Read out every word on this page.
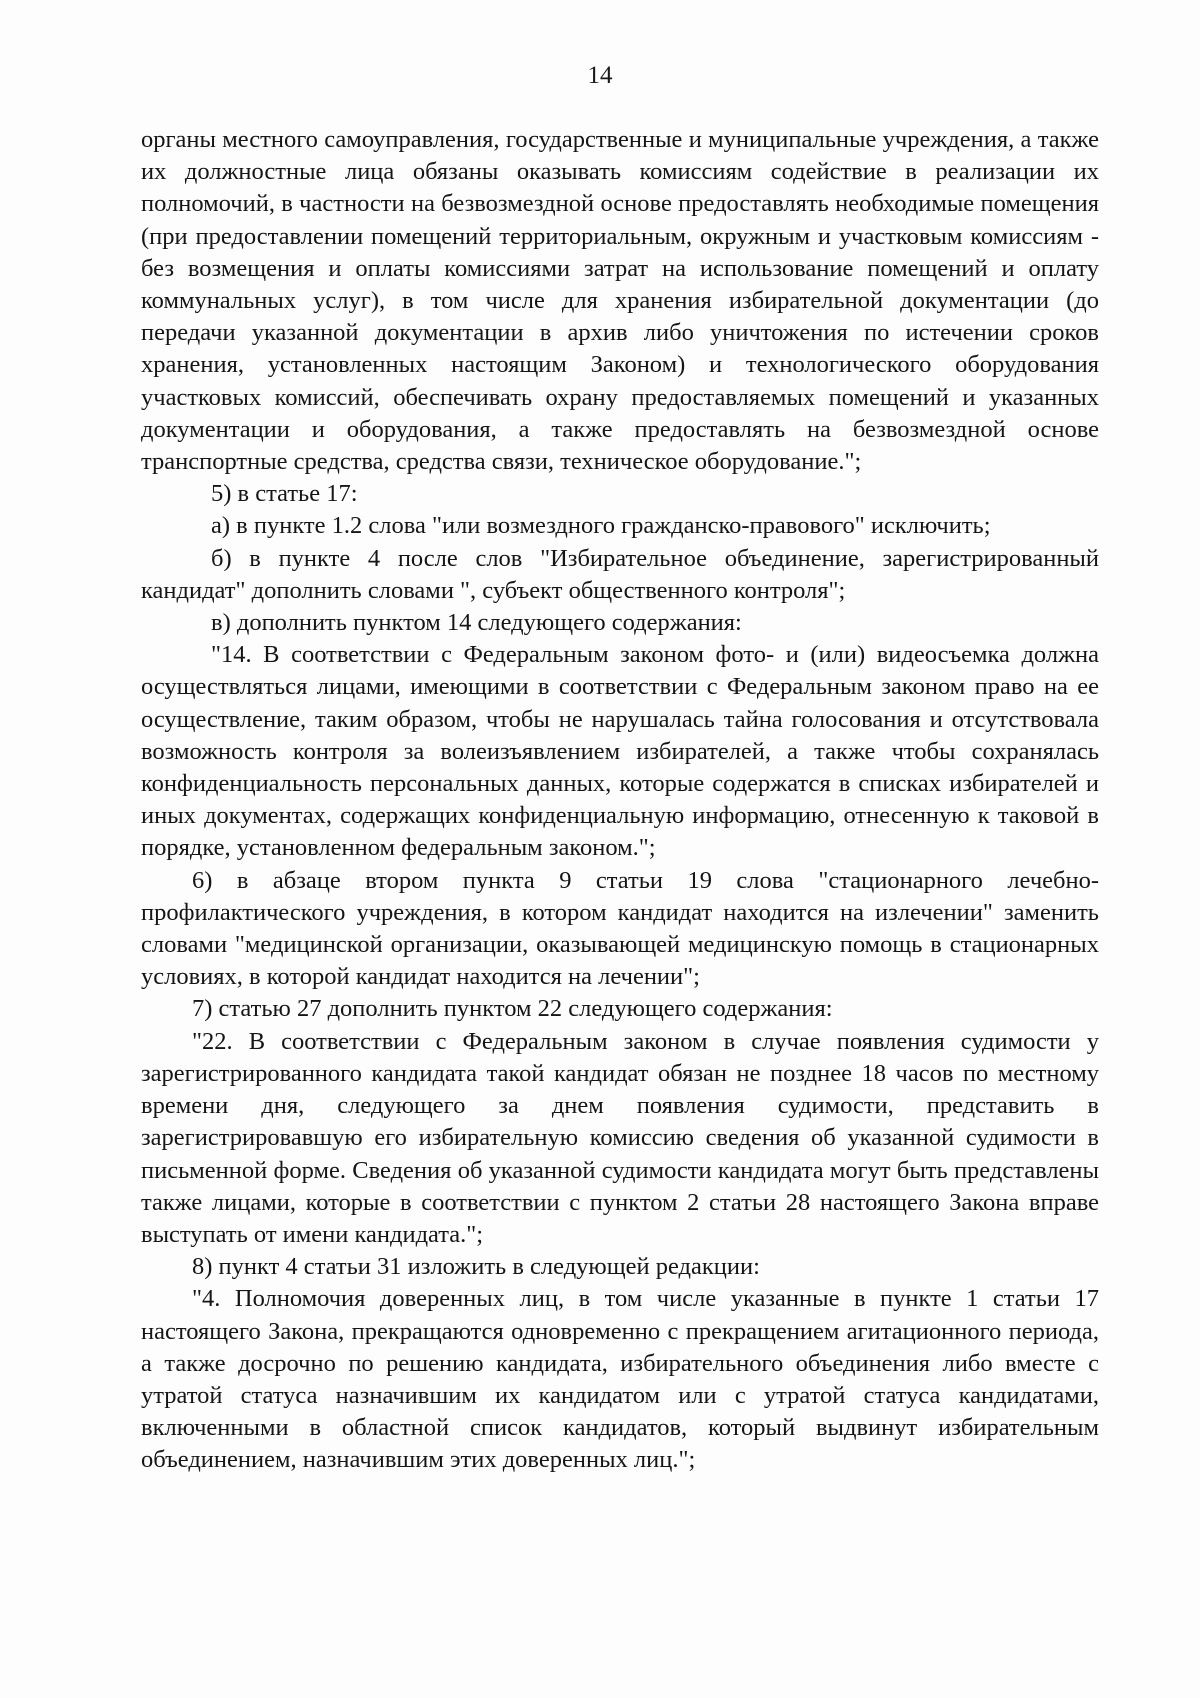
14

органы местного самоуправления, государственные и муниципальные учреждения, а также их должностные лица обязаны оказывать комиссиям содействие в реализации их полномочий, в частности на безвозмездной основе предоставлять необходимые помещения (при предоставлении помещений территориальным, окружным и участковым комиссиям - без возмещения и оплаты комиссиями затрат на использование помещений и оплату коммунальных услуг), в том числе для хранения избирательной документации (до передачи указанной документации в архив либо уничтожения по истечении сроков хранения, установленных настоящим Законом) и технологического оборудования участковых комиссий, обеспечивать охрану предоставляемых помещений и указанных документации и оборудования, а также предоставлять на безвозмездной основе транспортные средства, средства связи, техническое оборудование.";

5) в статье 17:

а) в пункте 1.2 слова "или возмездного гражданско-правового" исключить;

б) в пункте 4 после слов "Избирательное объединение, зарегистрированный кандидат" дополнить словами ", субъект общественного контроля";

в) дополнить пунктом 14 следующего содержания:

"14. В соответствии с Федеральным законом фото- и (или) видеосъемка должна осуществляться лицами, имеющими в соответствии с Федеральным законом право на ее осуществление, таким образом, чтобы не нарушалась тайна голосования и отсутствовала возможность контроля за волеизъявлением избирателей, а также чтобы сохранялась конфиденциальность персональных данных, которые содержатся в списках избирателей и иных документах, содержащих конфиденциальную информацию, отнесенную к таковой в порядке, установленном федеральным законом.";

6) в абзаце втором пункта 9 статьи 19 слова "стационарного лечебно-профилактического учреждения, в котором кандидат находится на излечении" заменить словами "медицинской организации, оказывающей медицинскую помощь в стационарных условиях, в которой кандидат находится на лечении";

7) статью 27 дополнить пунктом 22 следующего содержания:

"22. В соответствии с Федеральным законом в случае появления судимости у зарегистрированного кандидата такой кандидат обязан не позднее 18 часов по местному времени дня, следующего за днем появления судимости, представить в зарегистрировавшую его избирательную комиссию сведения об указанной судимости в письменной форме. Сведения об указанной судимости кандидата могут быть представлены также лицами, которые в соответствии с пунктом 2 статьи 28 настоящего Закона вправе выступать от имени кандидата.";

8) пункт 4 статьи 31 изложить в следующей редакции:

"4. Полномочия доверенных лиц, в том числе указанные в пункте 1 статьи 17 настоящего Закона, прекращаются одновременно с прекращением агитационного периода, а также досрочно по решению кандидата, избирательного объединения либо вместе с утратой статуса назначившим их кандидатом или с утратой статуса кандидатами, включенными в областной список кандидатов, который выдвинут избирательным объединением, назначившим этих доверенных лиц.";
